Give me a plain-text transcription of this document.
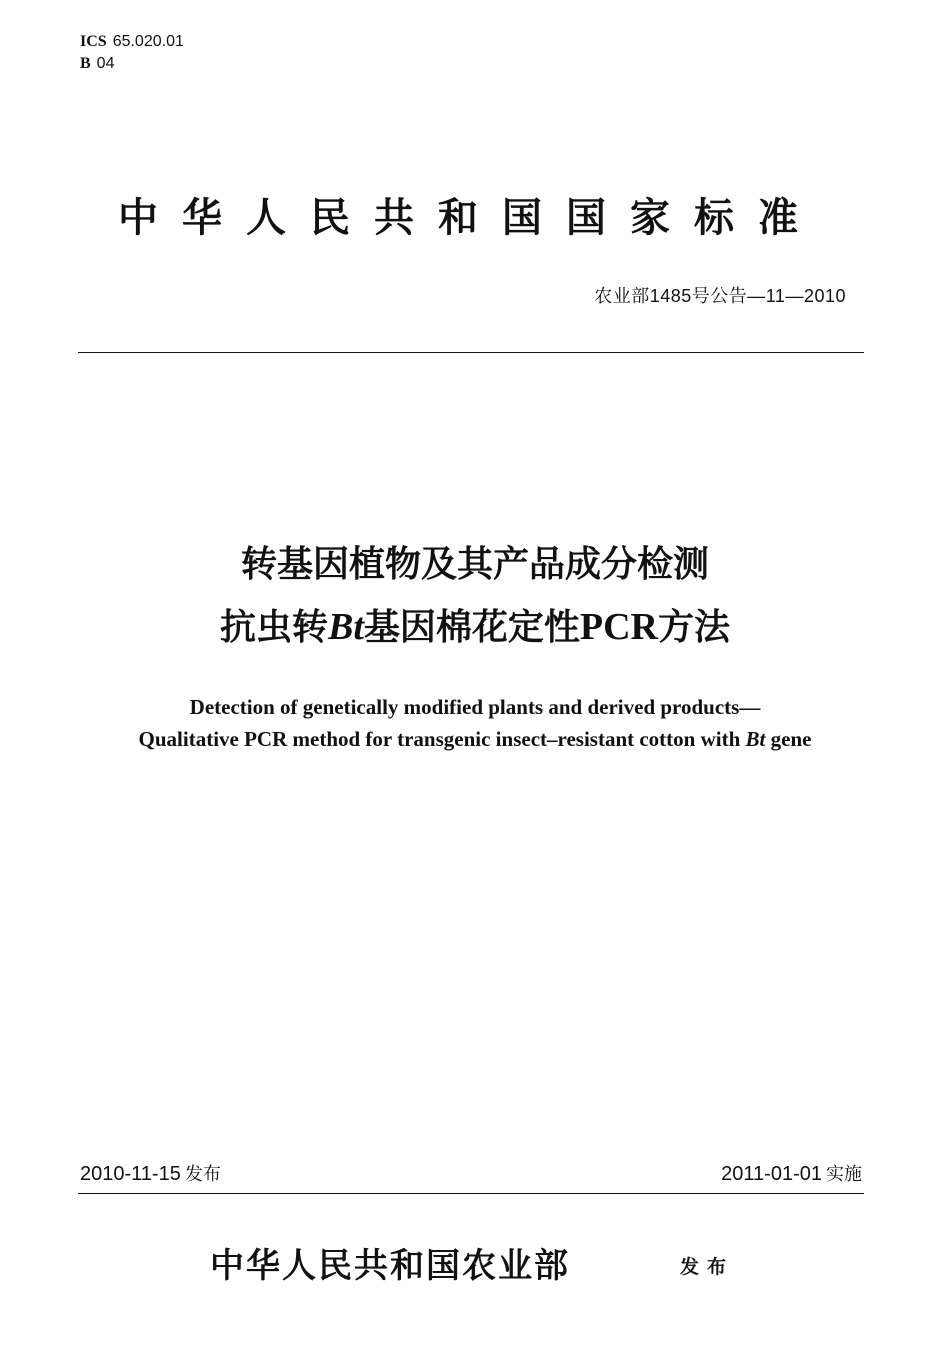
ICS 65.020.01
B 04
中华人民共和国国家标准
农业部1485号公告—11—2010
转基因植物及其产品成分检测
抗虫转Bt基因棉花定性PCR方法
Detection of genetically modified plants and derived products—
Qualitative PCR method for transgenic insect–resistant cotton with Bt gene
2010-11-15 发布	2011-01-01 实施
中华人民共和国农业部	发布
